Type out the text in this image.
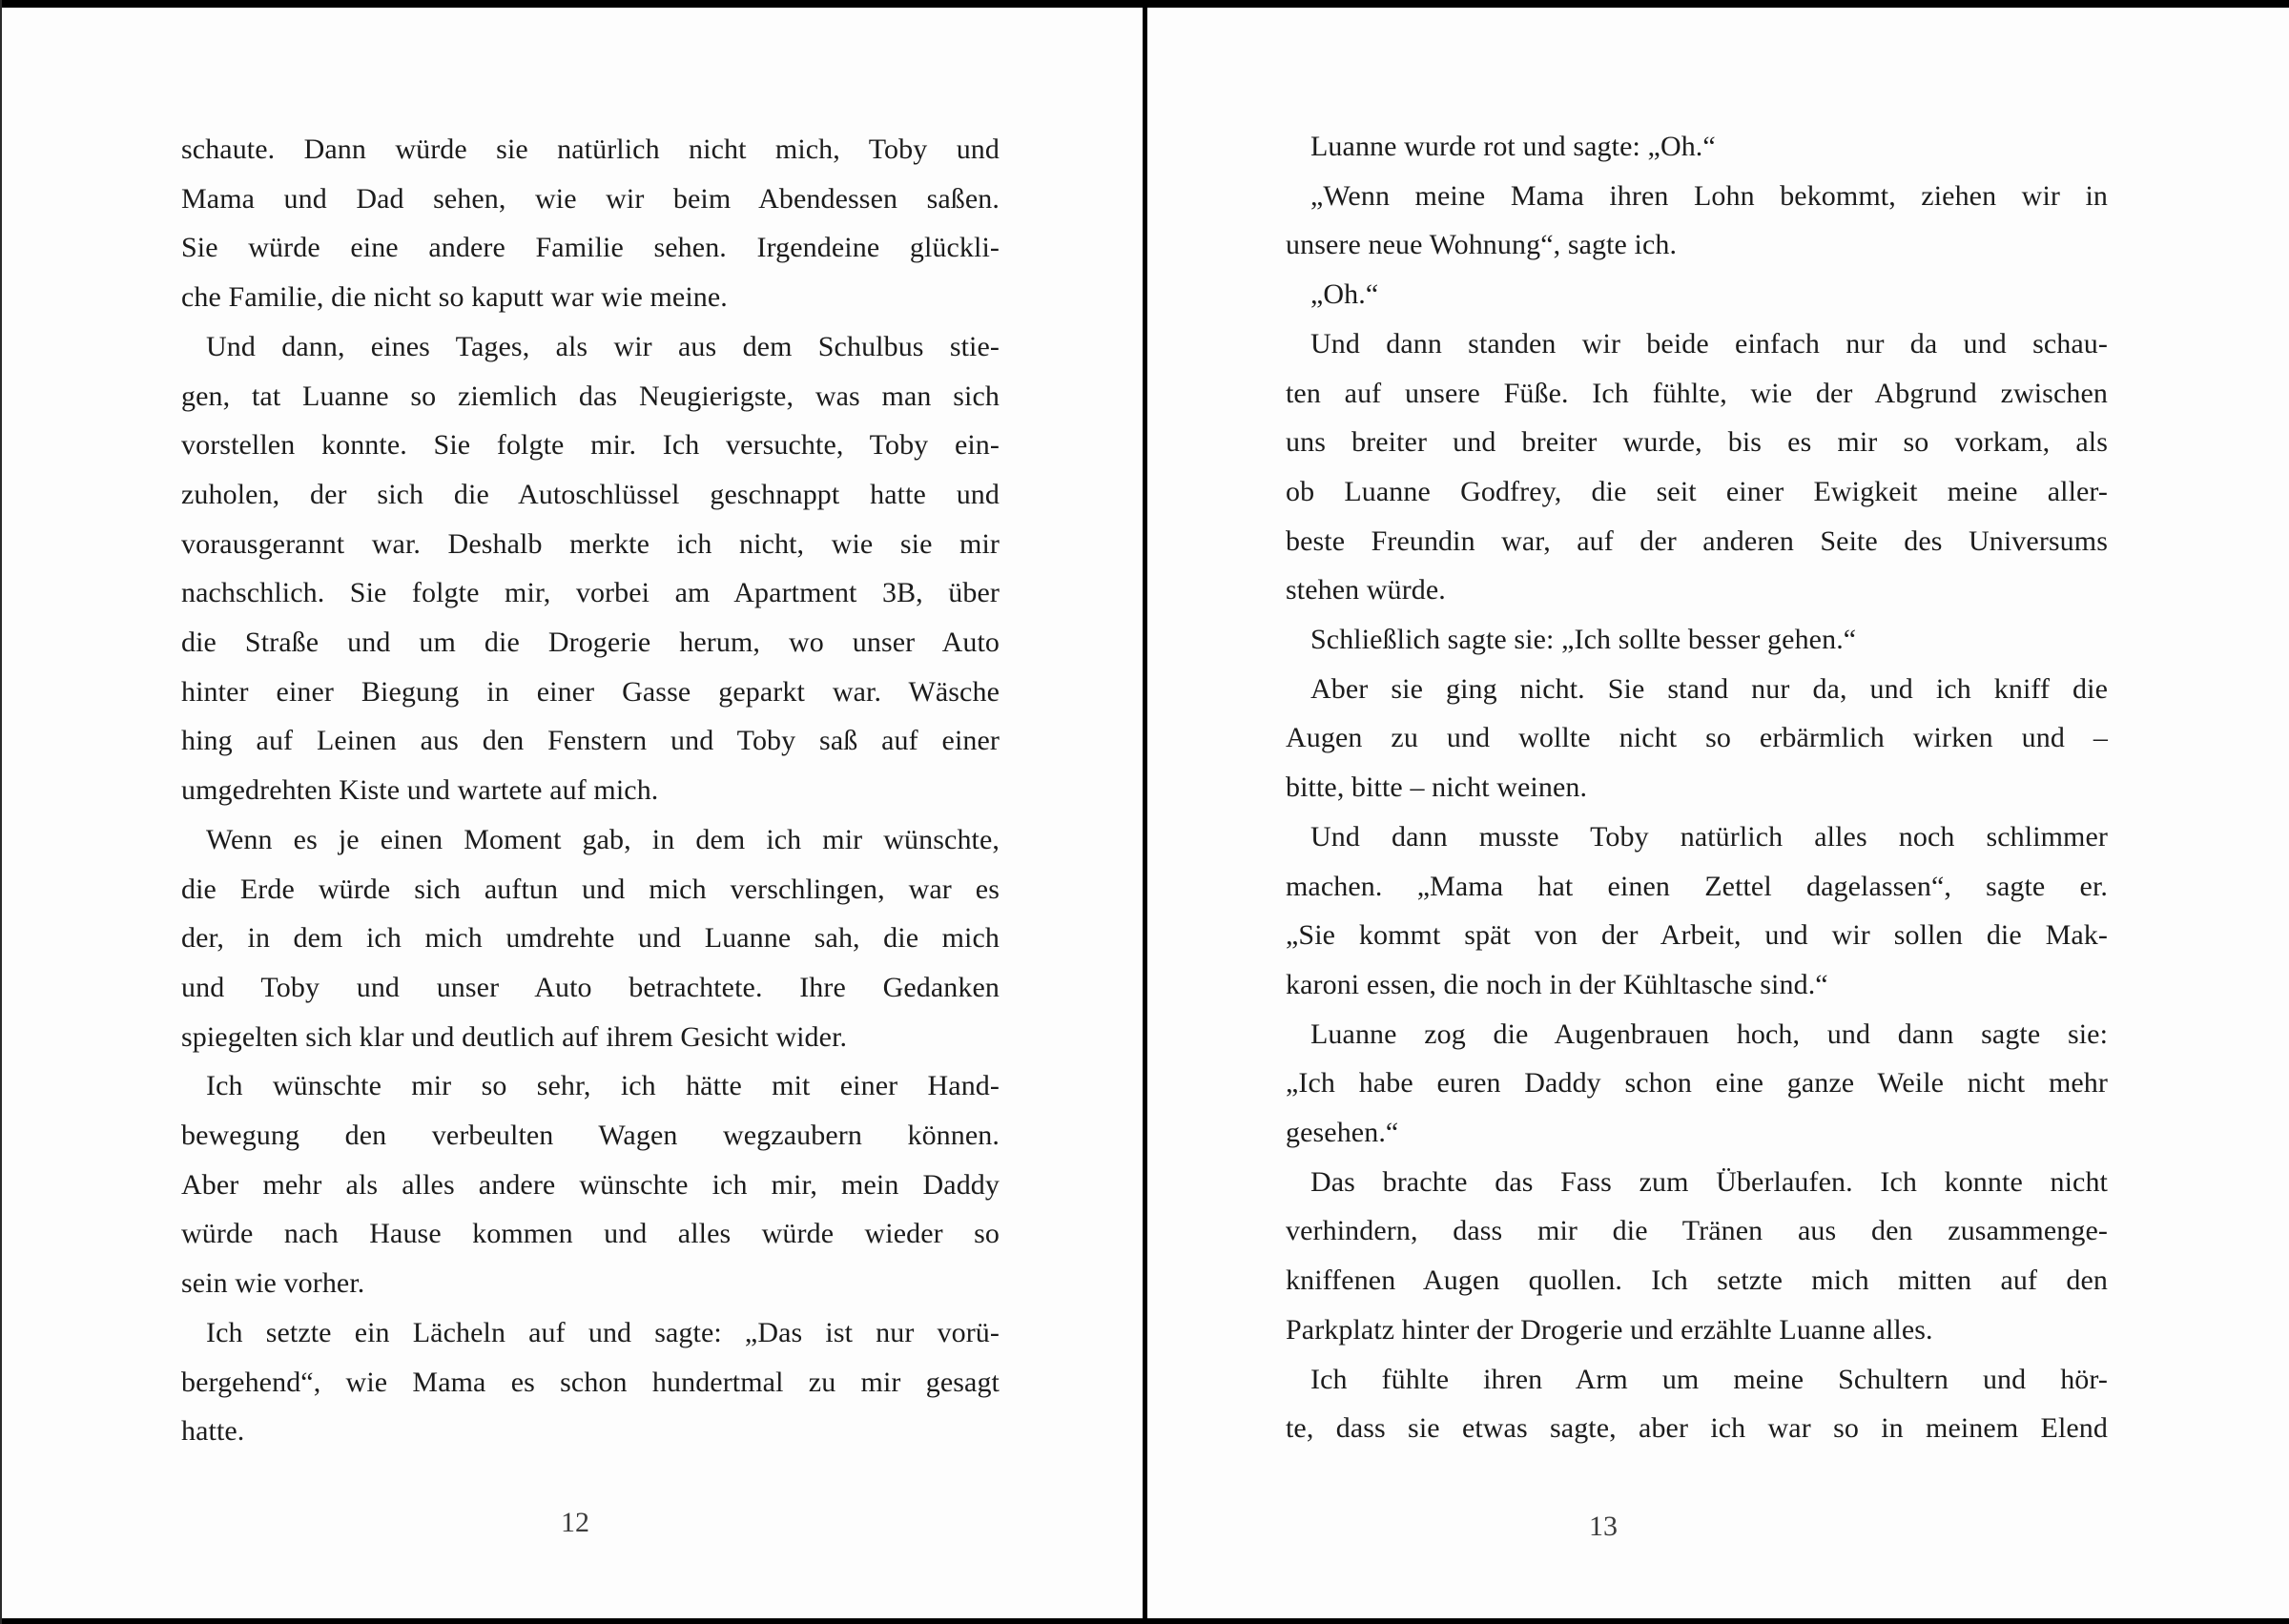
schaute. Dann würde sie natürlich nicht mich, Toby und
Mama und Dad sehen, wie wir beim Abendessen saßen.
Sie würde eine andere Familie sehen. Irgendeine glückli-
che Familie, die nicht so kaputt war wie meine.
Und dann, eines Tages, als wir aus dem Schulbus stie-
gen, tat Luanne so ziemlich das Neugierigste, was man sich
vorstellen konnte. Sie folgte mir. Ich versuchte, Toby ein-
zuholen, der sich die Autoschlüssel geschnappt hatte und
vorausgerannt war. Deshalb merkte ich nicht, wie sie mir
nachschlich. Sie folgte mir, vorbei am Apartment 3B, über
die Straße und um die Drogerie herum, wo unser Auto
hinter einer Biegung in einer Gasse geparkt war. Wäsche
hing auf Leinen aus den Fenstern und Toby saß auf einer
umgedrehten Kiste und wartete auf mich.
Wenn es je einen Moment gab, in dem ich mir wünschte,
die Erde würde sich auftun und mich verschlingen, war es
der, in dem ich mich umdrehte und Luanne sah, die mich
und Toby und unser Auto betrachtete. Ihre Gedanken
spiegelten sich klar und deutlich auf ihrem Gesicht wider.
Ich wünschte mir so sehr, ich hätte mit einer Hand-
bewegung den verbeulten Wagen wegzaubern können.
Aber mehr als alles andere wünschte ich mir, mein Daddy
würde nach Hause kommen und alles würde wieder so
sein wie vorher.
Ich setzte ein Lächeln auf und sagte: „Das ist nur vorü-
bergehend“, wie Mama es schon hundertmal zu mir gesagt
hatte.
12
Luanne wurde rot und sagte: „Oh.“
„Wenn meine Mama ihren Lohn bekommt, ziehen wir in
unsere neue Wohnung“, sagte ich.
„Oh.“
Und dann standen wir beide einfach nur da und schau-
ten auf unsere Füße. Ich fühlte, wie der Abgrund zwischen
uns breiter und breiter wurde, bis es mir so vorkam, als
ob Luanne Godfrey, die seit einer Ewigkeit meine aller-
beste Freundin war, auf der anderen Seite des Universums
stehen würde.
Schließlich sagte sie: „Ich sollte besser gehen.“
Aber sie ging nicht. Sie stand nur da, und ich kniff die
Augen zu und wollte nicht so erbärmlich wirken und –
bitte, bitte – nicht weinen.
Und dann musste Toby natürlich alles noch schlimmer
machen. „Mama hat einen Zettel dagelassen“, sagte er.
„Sie kommt spät von der Arbeit, und wir sollen die Mak-
karoni essen, die noch in der Kühltasche sind.“
Luanne zog die Augenbrauen hoch, und dann sagte sie:
„Ich habe euren Daddy schon eine ganze Weile nicht mehr
gesehen.“
Das brachte das Fass zum Überlaufen. Ich konnte nicht
verhindern, dass mir die Tränen aus den zusammenge-
kniffenen Augen quollen. Ich setzte mich mitten auf den
Parkplatz hinter der Drogerie und erzählte Luanne alles.
Ich fühlte ihren Arm um meine Schultern und hör-
te, dass sie etwas sagte, aber ich war so in meinem Elend
13
